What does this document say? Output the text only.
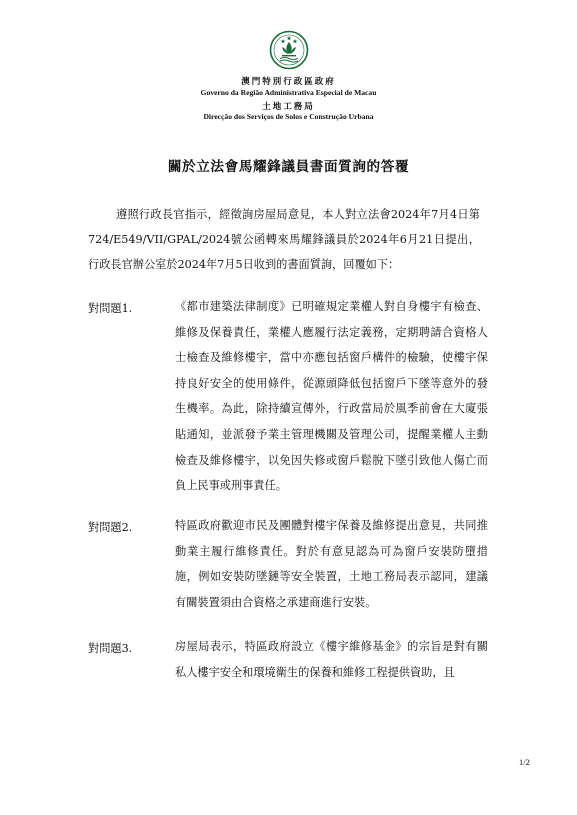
澳門特別行政區政府
Governo da Região Administrativa Especial de Macau
土地工務局
Direcção dos Serviços de Solos e Construção Urbana
關於立法會馬耀鋒議員書面質詢的答覆
遵照行政長官指示，經徵詢房屋局意見，本人對立法會2024年7月4日第724/E549/VII/GPAL/2024號公函轉來馬耀鋒議員於2024年6月21日提出，行政長官辦公室於2024年7月5日收到的書面質詢，回覆如下：
對問題1.	《都市建築法律制度》已明確規定業權人對自身樓宇有檢查、維修及保養責任，業權人應履行法定義務，定期聘請合資格人士檢查及維修樓宇，當中亦應包括窗戶構件的檢驗，使樓宇保持良好安全的使用條件，從源頭降低包括窗戶下墜等意外的發生機率。為此，除持續宣傳外，行政當局於風季前會在大廈張貼通知，並派發予業主管理機關及管理公司，提醒業權人主動檢查及維修樓宇，以免因失修或窗戶鬆脫下墜引致他人傷亡而負上民事或刑事責任。
對問題2.	特區政府歡迎市民及團體對樓宇保養及維修提出意見，共同推動業主履行維修責任。對於有意見認為可為窗戶安裝防墮措施，例如安裝防墜鏈等安全裝置，土地工務局表示認同，建議有關裝置須由合資格之承建商進行安裝。
對問題3.	房屋局表示，特區政府設立《樓宇維修基金》的宗旨是對有關私人樓宇安全和環境衛生的保養和維修工程提供資助，且
1/2
